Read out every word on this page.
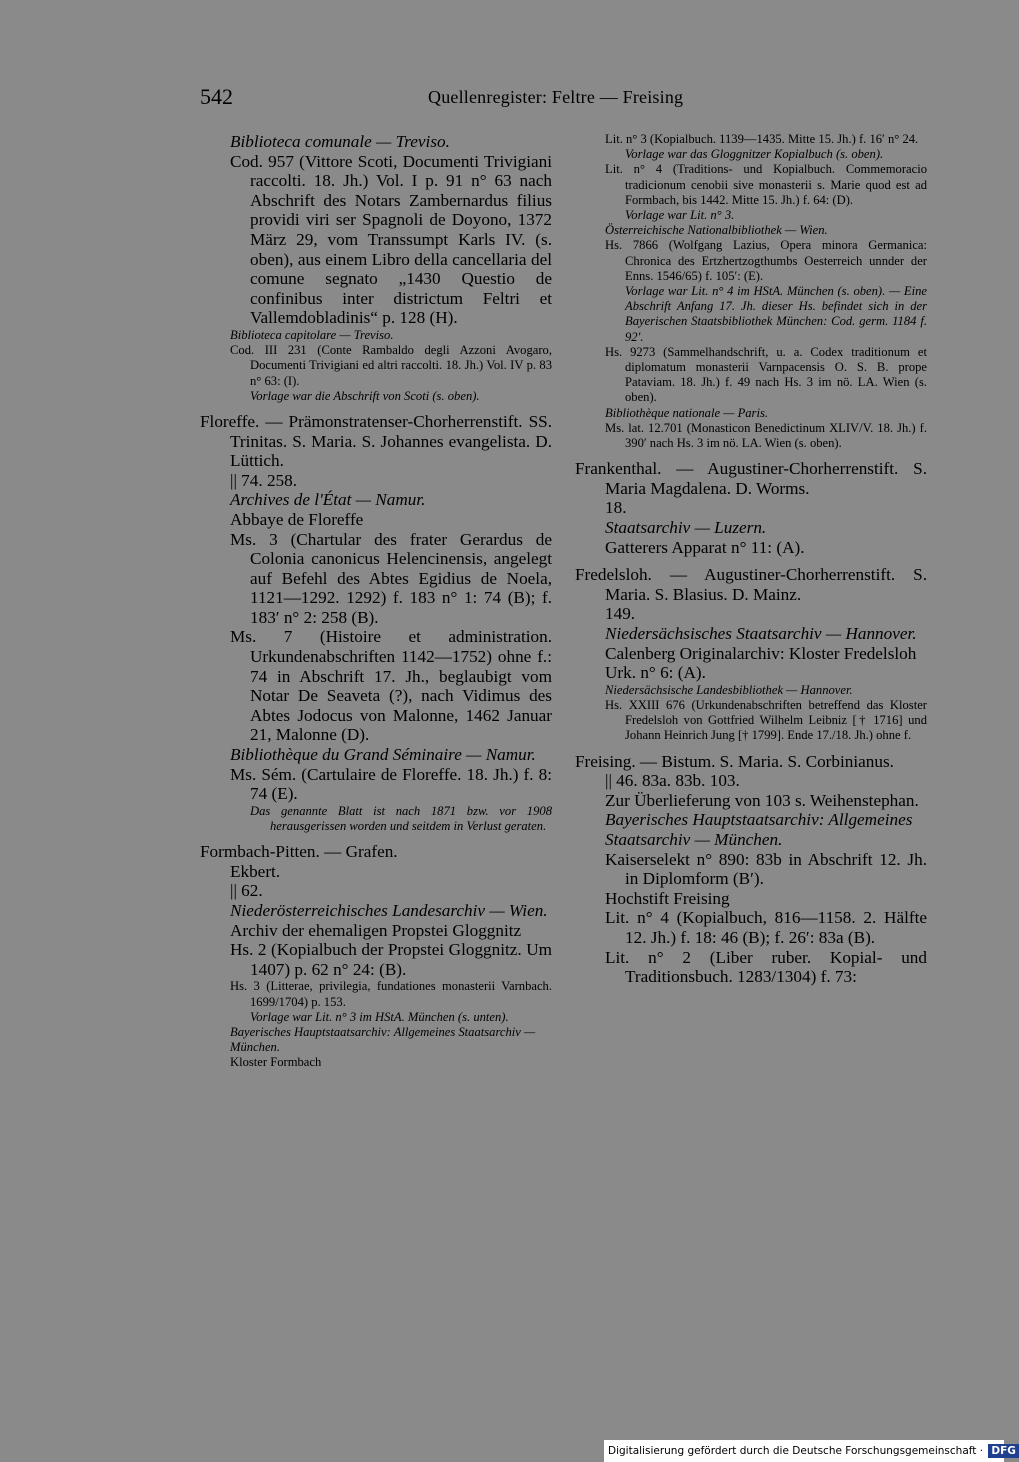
542	Quellenregister: Feltre — Freising

Biblioteca comunale — Treviso.

Cod. 957 (Vittore Scoti, Documenti Trivigiani raccolti. 18. Jh.) Vol. I p. 91 n° 63 nach Abschrift des Notars Zambernardus filius providi viri ser Spagnoli de Doyono, 1372 März 29, vom Transsumpt Karls IV. (s. oben), aus einem Libro della cancellaria del comune segnato „1430 Questio de confinibus inter districtum Feltri et Vallemdobladinis“ p. 128 (H).

Biblioteca capitolare — Treviso.

Cod. III 231 (Conte Rambaldo degli Azzoni Avogaro, Documenti Trivigiani ed altri raccolti. 18. Jh.) Vol. IV p. 83 n° 63: (I).

Vorlage war die Abschrift von Scoti (s. oben).

Floreffe. — Prämonstratenser-Chorherrenstift. SS. Trinitas. S. Maria. S. Johannes evangelista. D. Lüttich.

|| 74. 258.

Archives de l'État — Namur.

Abbaye de Floreffe

Ms. 3 (Chartular des frater Gerardus de Colonia canonicus Helencinensis, angelegt auf Befehl des Abtes Egidius de Noela, 1121—1292. 1292) f. 183 n° 1: 74 (B); f. 183′ n° 2: 258 (B).

Ms. 7 (Histoire et administration. Urkundenabschriften 1142—1752) ohne f.: 74 in Abschrift 17. Jh., beglaubigt vom Notar De Seaveta (?), nach Vidimus des Abtes Jodocus von Malonne, 1462 Januar 21, Malonne (D).

Bibliothèque du Grand Séminaire — Namur.

Ms. Sém. (Cartulaire de Floreffe. 18. Jh.) f. 8: 74 (E).

Das genannte Blatt ist nach 1871 bzw. vor 1908 herausgerissen worden und seitdem in Verlust geraten.

Formbach-Pitten. — Grafen.

Ekbert.

|| 62.

Niederösterreichisches Landesarchiv — Wien.

Archiv der ehemaligen Propstei Gloggnitz

Hs. 2 (Kopialbuch der Propstei Gloggnitz. Um 1407) p. 62 n° 24: (B).

Hs. 3 (Litterae, privilegia, fundationes monasterii Varnbach. 1699/1704) p. 153.

Vorlage war Lit. n° 3 im HStA. München (s. unten).

Bayerisches Hauptstaatsarchiv: Allgemeines Staatsarchiv — München.

Kloster Formbach

Lit. n° 3 (Kopialbuch. 1139—1435. Mitte 15. Jh.) f. 16′ n° 24.

Vorlage war das Gloggnitzer Kopialbuch (s. oben).

Lit. n° 4 (Traditions- und Kopialbuch. Commemoracio tradicionum cenobii sive monasterii s. Marie quod est ad Formbach, bis 1442. Mitte 15. Jh.) f. 64: (D).

Vorlage war Lit. n° 3.

Österreichische Nationalbibliothek — Wien.

Hs. 7866 (Wolfgang Lazius, Opera minora Germanica: Chronica des Ertzhertzogthumbs Oesterreich unnder der Enns. 1546/65) f. 105′: (E).

Vorlage war Lit. n° 4 im HStA. München (s. oben). — Eine Abschrift Anfang 17. Jh. dieser Hs. befindet sich in der Bayerischen Staatsbibliothek München: Cod. germ. 1184 f. 92′.

Hs. 9273 (Sammelhandschrift, u. a. Codex traditionum et diplomatum monasterii Varnpacensis O. S. B. prope Pataviam. 18. Jh.) f. 49 nach Hs. 3 im nö. LA. Wien (s. oben).

Bibliothèque nationale — Paris.

Ms. lat. 12.701 (Monasticon Benedictinum XLIV/V. 18. Jh.) f. 390′ nach Hs. 3 im nö. LA. Wien (s. oben).

Frankenthal. — Augustiner-Chorherrenstift. S. Maria Magdalena. D. Worms.

18.

Staatsarchiv — Luzern.

Gatterers Apparat n° 11: (A).

Fredelsloh. — Augustiner-Chorherrenstift. S. Maria. S. Blasius. D. Mainz.

149.

Niedersächsisches Staatsarchiv — Hannover.

Calenberg Originalarchiv: Kloster Fredelsloh

Urk. n° 6: (A).

Niedersächsische Landesbibliothek — Hannover.

Hs. XXIII 676 (Urkundenabschriften betreffend das Kloster Fredelsloh von Gottfried Wilhelm Leibniz [† 1716] und Johann Heinrich Jung [† 1799]. Ende 17./18. Jh.) ohne f.

Freising. — Bistum. S. Maria. S. Corbinianus.

|| 46. 83a. 83b. 103.

Zur Überlieferung von 103 s. Weihenstephan.

Bayerisches Hauptstaatsarchiv: Allgemeines Staatsarchiv — München.

Kaiserselekt n° 890: 83b in Abschrift 12. Jh. in Diplomform (B′).

Hochstift Freising

Lit. n° 4 (Kopialbuch, 816—1158. 2. Hälfte 12. Jh.) f. 18: 46 (B); f. 26′: 83a (B).

Lit. n° 2 (Liber ruber. Kopial- und Traditionsbuch. 1283/1304) f. 73:

Digitalisierung gefördert durch die Deutsche Forschungsgemeinschaft · DFG
